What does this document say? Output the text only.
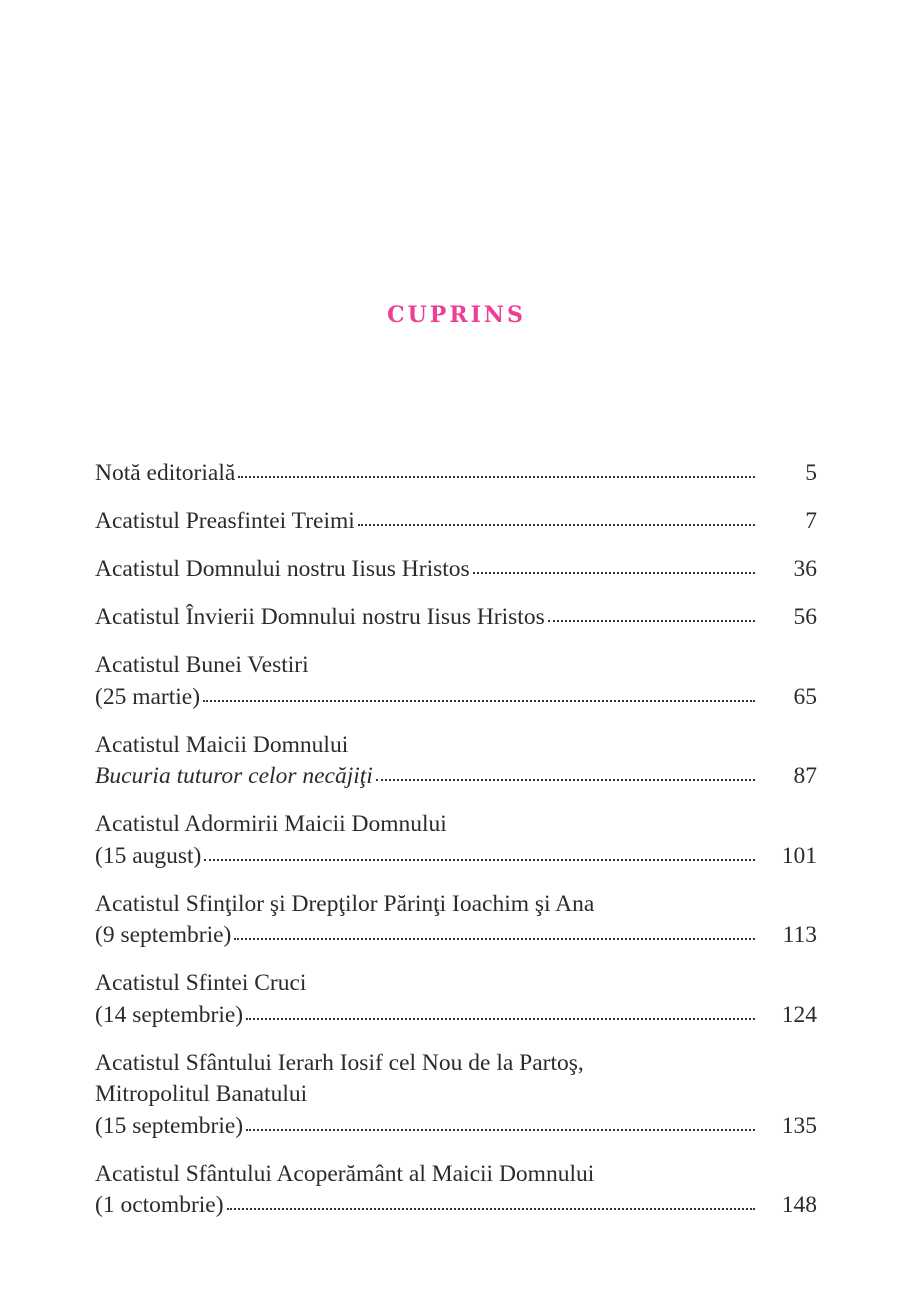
CUPRINS
Notă editorială	5
Acatistul Preasfintei Treimi	7
Acatistul Domnului nostru Iisus Hristos	36
Acatistul Învierii Domnului nostru Iisus Hristos	56
Acatistul Bunei Vestiri
(25 martie)	65
Acatistul Maicii Domnului
Bucuria tuturor celor necăjiţi	87
Acatistul Adormirii Maicii Domnului
(15 august)	101
Acatistul Sfinţilor şi Drepţilor Părinţi Ioachim şi Ana
(9 septembrie)	113
Acatistul Sfintei Cruci
(14 septembrie)	124
Acatistul Sfântului Ierarh Iosif cel Nou de la Partoş,
Mitropolitul Banatului
(15 septembrie)	135
Acatistul Sfântului Acoperământ al Maicii Domnului
(1 octombrie)	148
